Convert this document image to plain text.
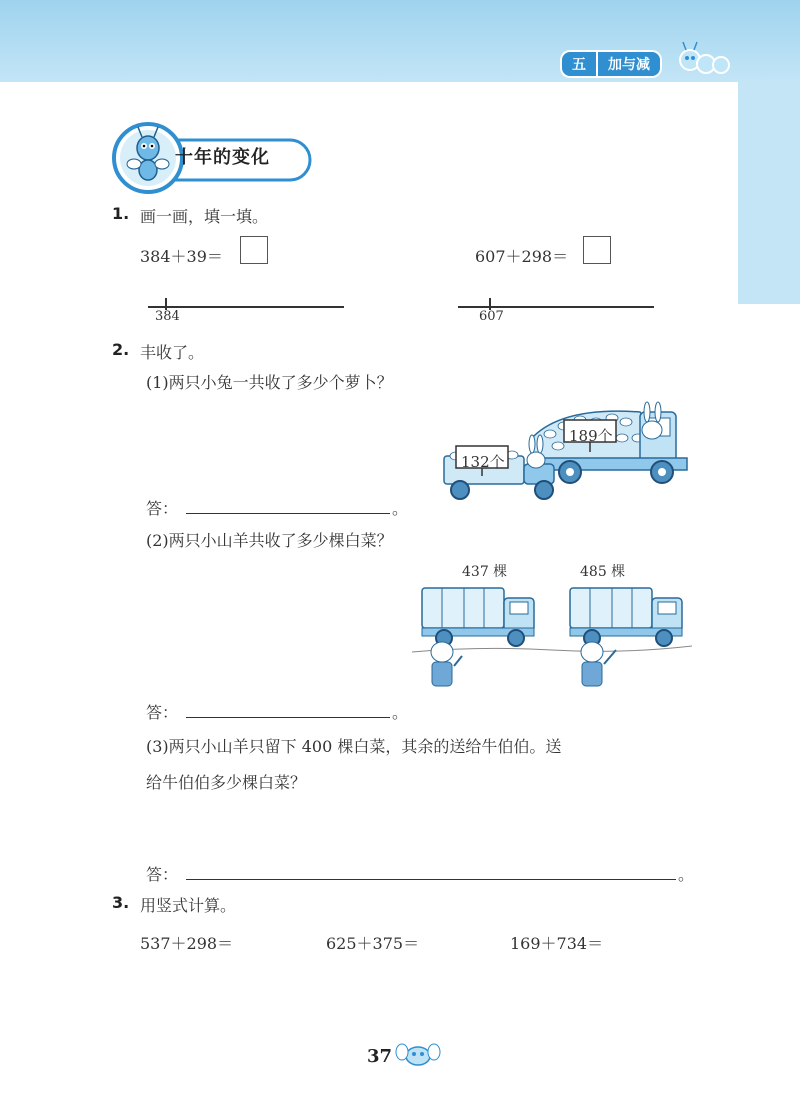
五	加与减
十年的变化
1. 画一画，填一填。
384＋39＝	607＋298＝
384	607
2. 丰收了。
(1)两只小兔一共收了多少个萝卜？
132个
189个
答：	。
(2)两只小山羊共收了多少棵白菜？
437 棵	485 棵
答：	。
(3)两只小山羊只留下 400 棵白菜，其余的送给牛伯伯。送
给牛伯伯多少棵白菜？
答：	。
3. 用竖式计算。
537＋298＝	625＋375＝	169＋734＝
37
